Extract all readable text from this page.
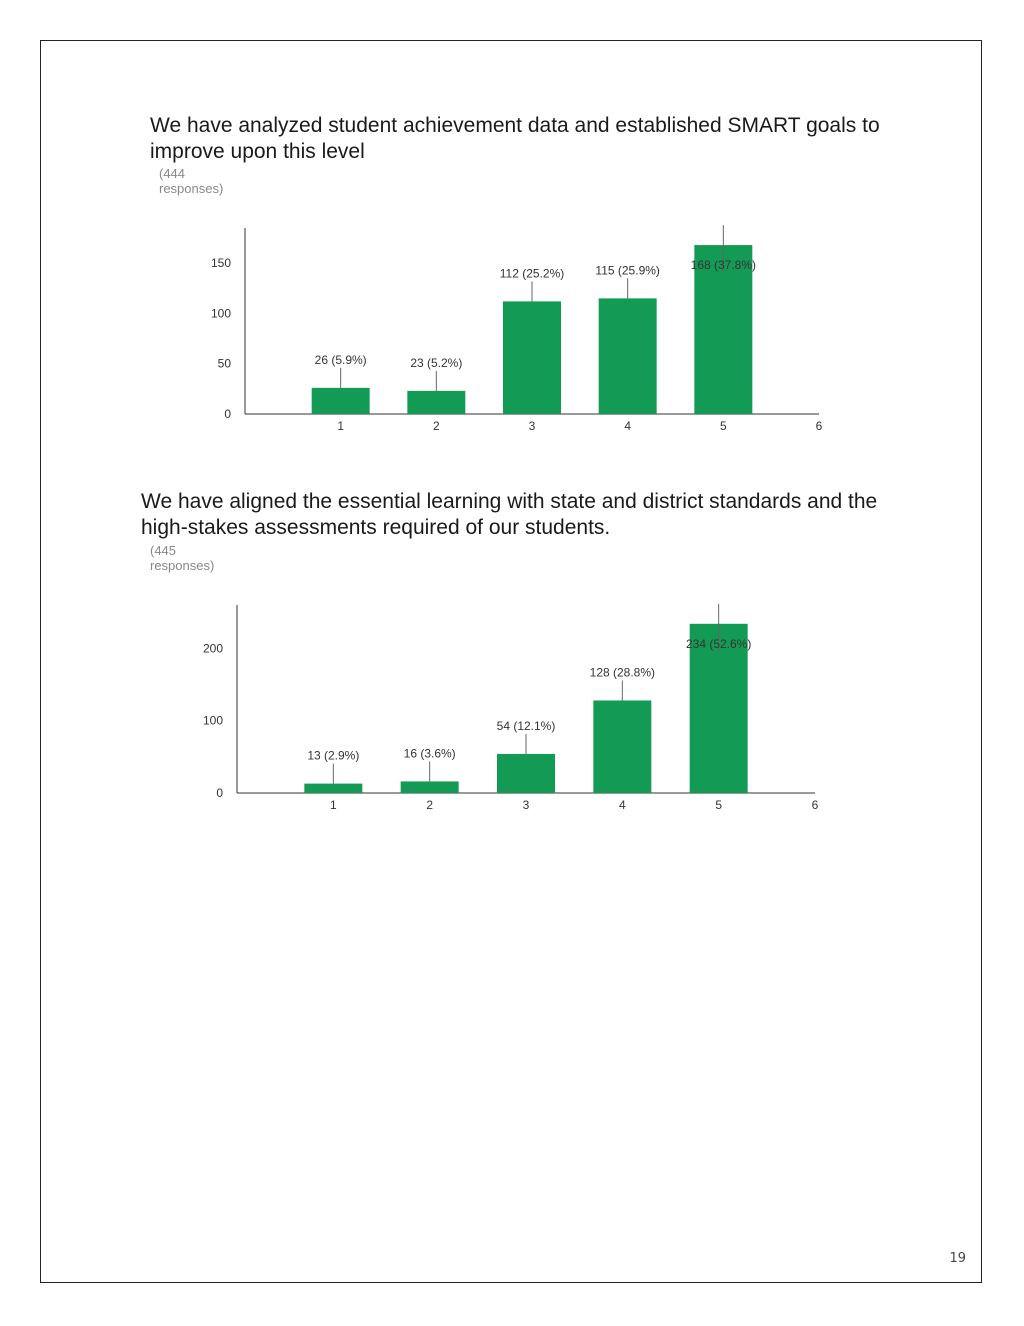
We have analyzed student achievement data and established SMART goals to improve upon this level
(444 responses)
0
50
100
150
1	2	3	4	5	6
26 (5.9%)	23 (5.2%)
112 (25.2%)	115 (25.9%)	168 (37.8%)
We have aligned the essential learning with state and district standards and the high-stakes assessments required of our students.
(445 responses)
0
100
200
1	2	3	4	5	6
13 (2.9%)	16 (3.6%)
54 (12.1%)
128 (28.8%)
234 (52.6%)
19
